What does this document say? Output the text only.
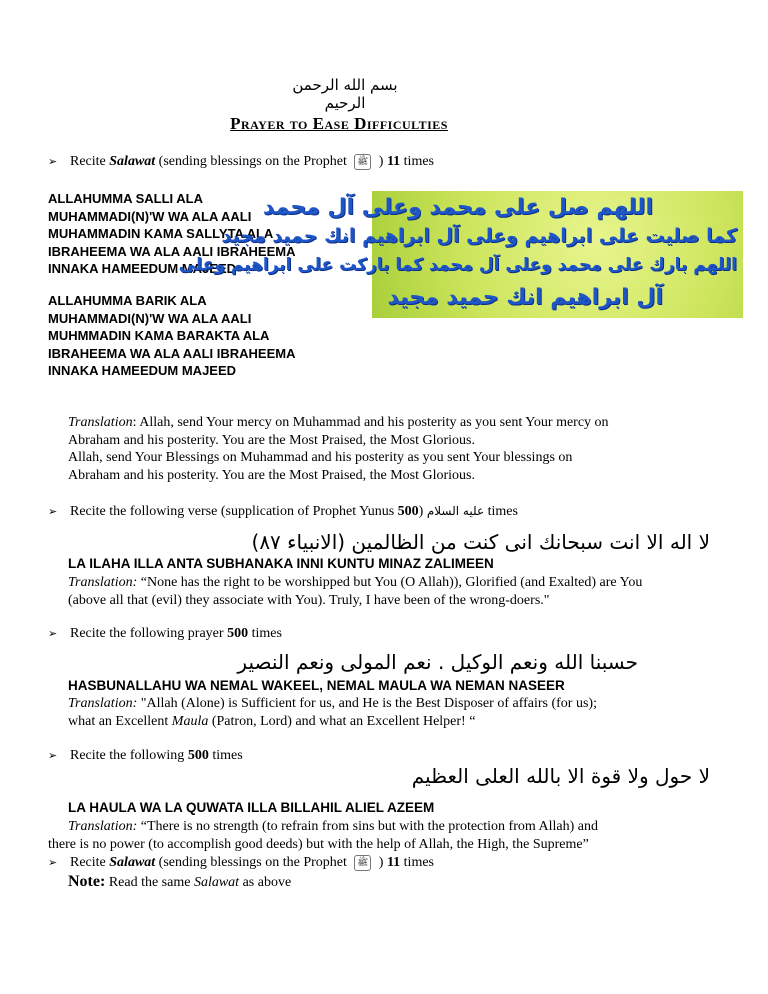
بسم الله الرحمن الرحيم
Prayer to Ease Difficulties
➢ Recite Salawat (sending blessings on the Prophet ﷺ ) 11 times
ALLAHUMMA SALLI ALA
MUHAMMADI(N)'W WA ALA AALI
MUHAMMADIN KAMA SALLYTA ALA
IBRAHEEMA WA ALA AALI IBRAHEEMA
INNAKA HAMEEDUM MAJEED
ALLAHUMMA BARIK ALA
MUHAMMADI(N)'W WA ALA AALI
MUHMMADIN KAMA BARAKTA ALA
IBRAHEEMA WA ALA AALI IBRAHEEMA
INNAKA HAMEEDUM MAJEED
اللهم صل على محمد وعلى آل محمد
كما صليت على ابراهيم وعلى آل ابراهيم انك حميد مجيد
اللهم بارك على محمد وعلى آل محمد كما باركت على ابراهيم وعلى
آل ابراهيم انك حميد مجيد
Translation: Allah, send Your mercy on Muhammad and his posterity as you sent Your mercy on
Abraham and his posterity. You are the Most Praised, the Most Glorious.
Allah, send Your Blessings on Muhammad and his posterity as you sent Your blessings on
Abraham and his posterity. You are the Most Praised, the Most Glorious.
➢ Recite the following verse (supplication of Prophet Yunus عليه السلام (500	times
لا اله الا انت سبحانك انى كنت من الظالمين (الانبياء ٨٧)
LA ILAHA ILLA ANTA SUBHANAKA INNI KUNTU MINAZ ZALIMEEN
Translation: “None has the right to be worshipped but You (O Allah)), Glorified (and Exalted) are You
(above all that (evil) they associate with You). Truly, I have been of the wrong-doers."
➢ Recite the following prayer 500 times
حسبنا الله ونعم الوكيل . نعم المولى ونعم النصير
HASBUNALLAHU WA NEMAL WAKEEL, NEMAL MAULA WA NEMAN NASEER
Translation: "Allah (Alone) is Sufficient for us, and He is the Best Disposer of affairs (for us);
what an Excellent Maula (Patron, Lord) and what an Excellent Helper! “
➢ Recite the following 500 times
لا حول ولا قوة الا بالله العلى العظيم
LA HAULA WA LA QUWATA ILLA BILLAHIL ALIEL AZEEM
Translation: “There is no strength (to refrain from sins but with the protection from Allah) and
there is no power (to accomplish good deeds) but with the help of Allah, the High, the Supreme”
➢ Recite Salawat (sending blessings on the Prophet ﷺ ) 11 times
Note: Read the same Salawat as above
